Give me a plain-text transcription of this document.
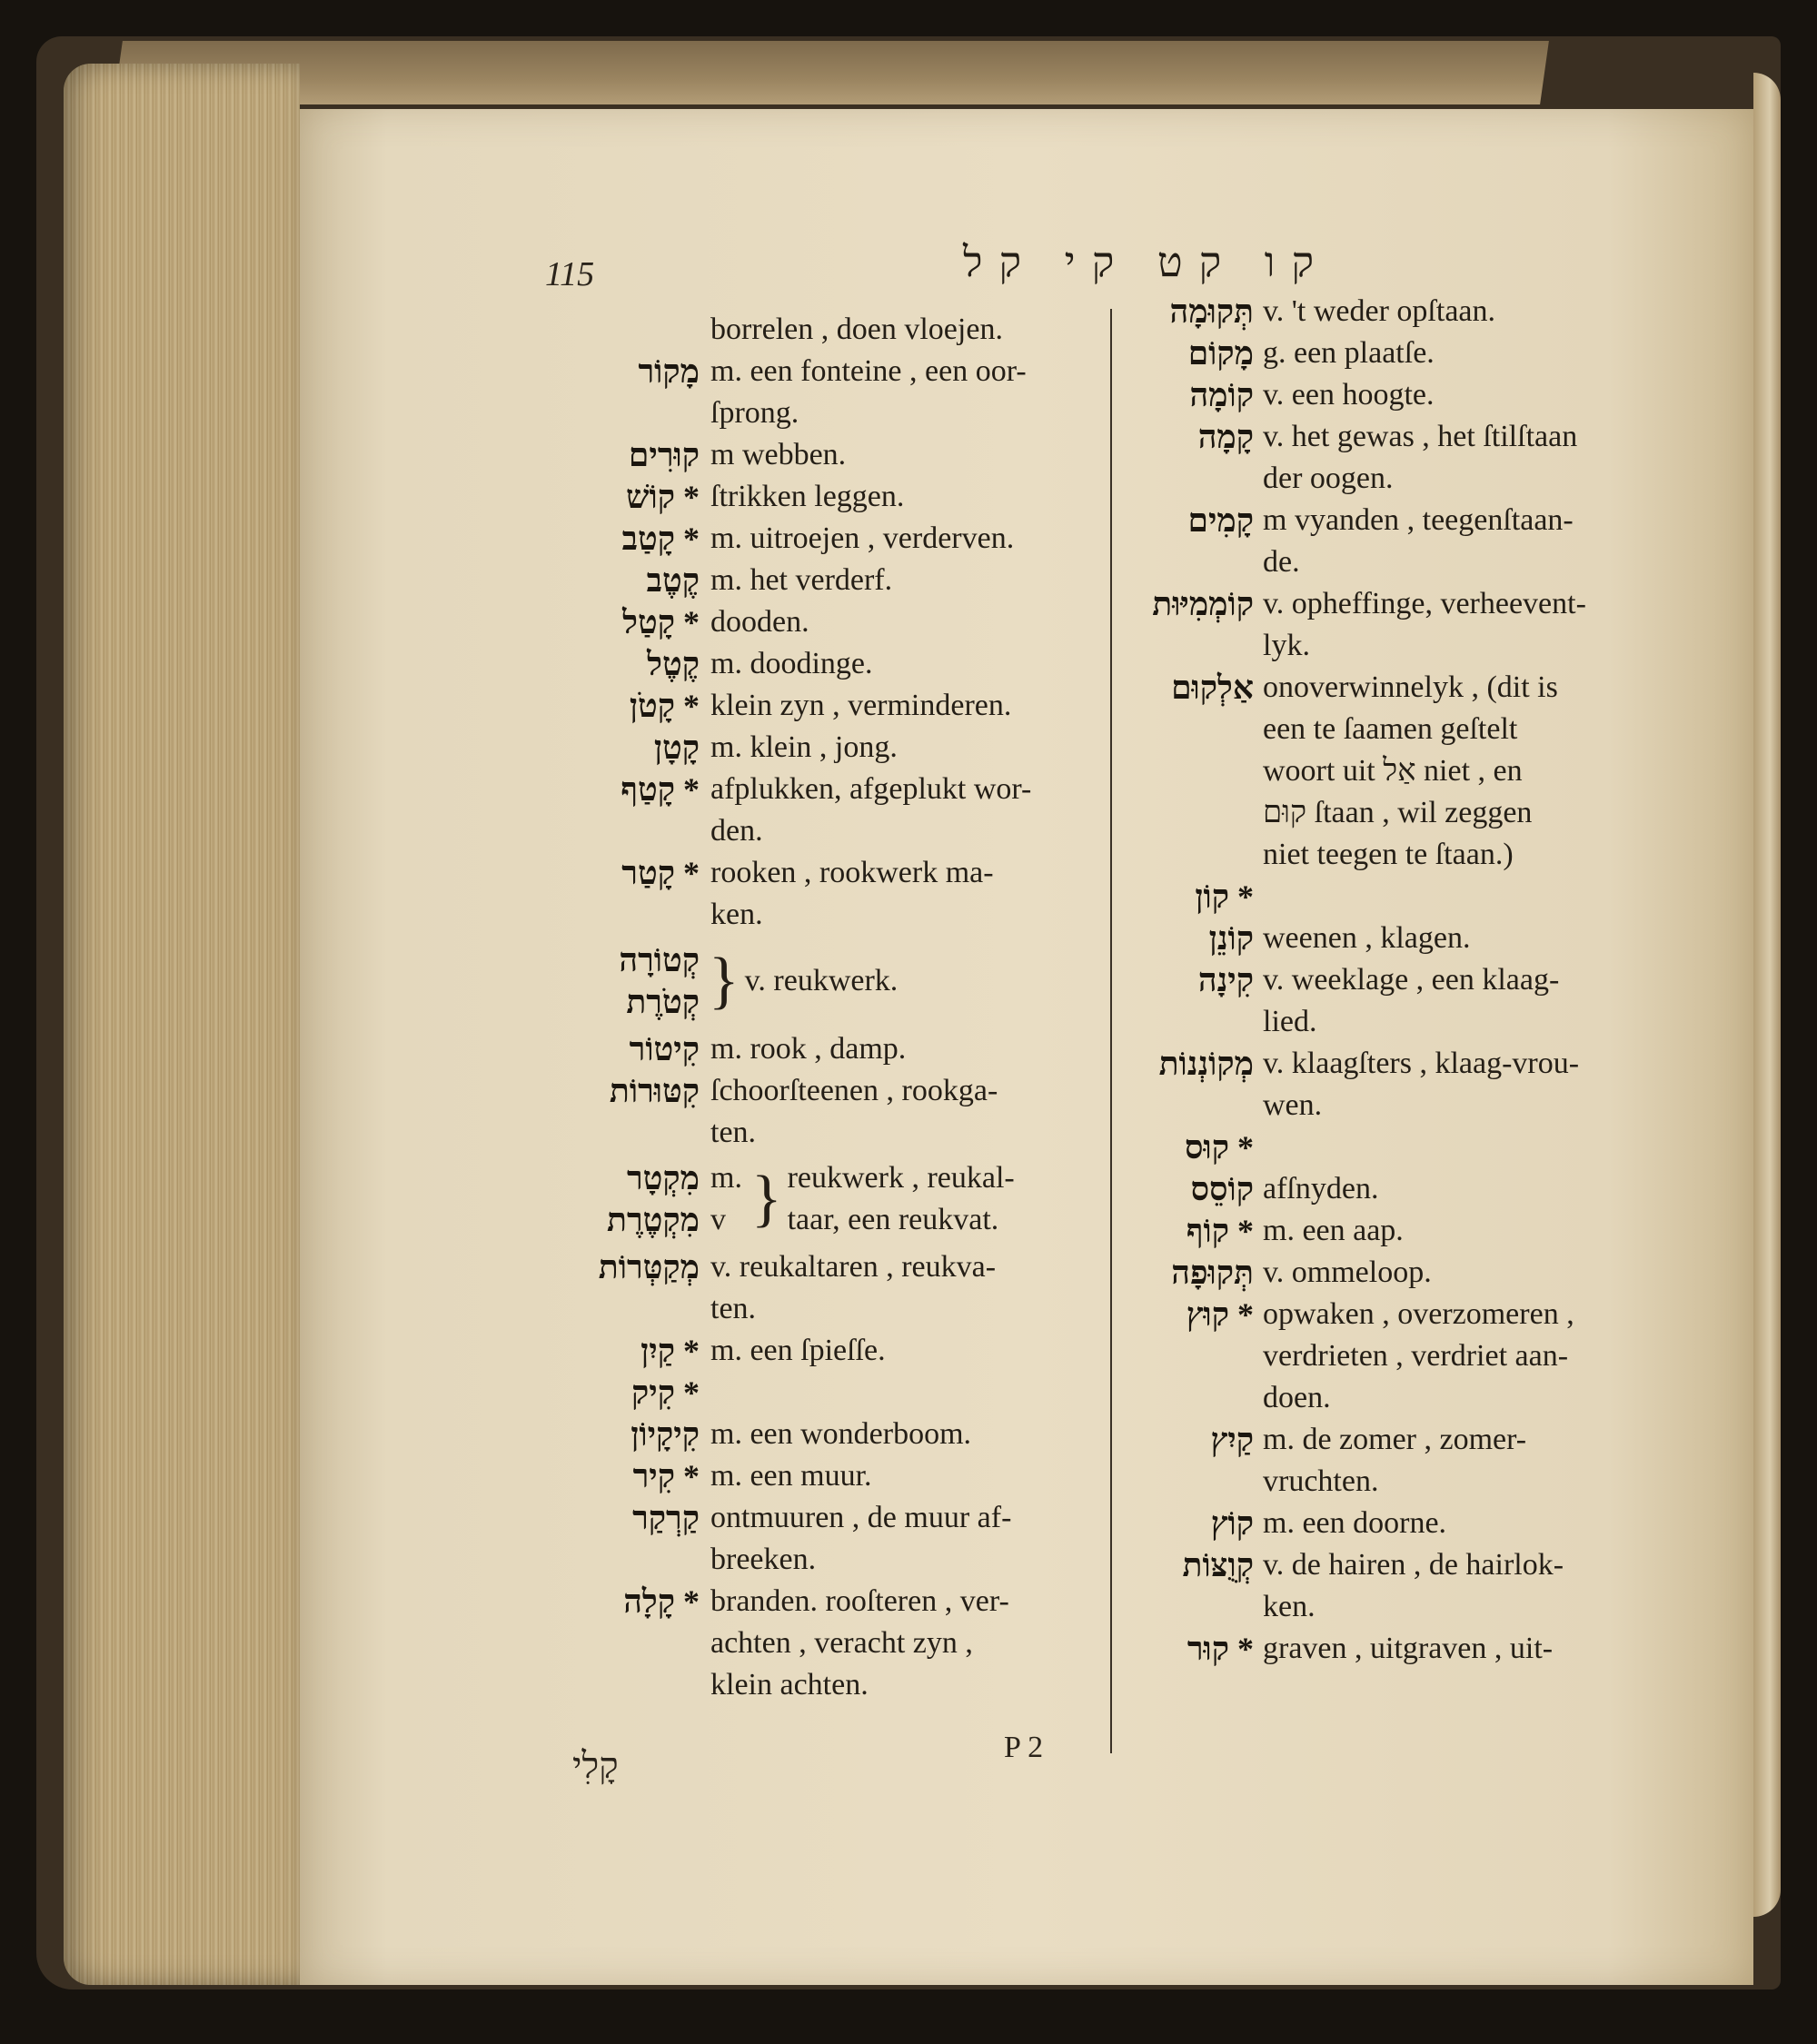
115	קו קט קי קל
borrelen , doen vloejen.
מָקוֹר m. een fonteine , een oor-
ſprong.
קוּרִים m webben.
* קוֹשׁ ſtrikken leggen.
* קָטַב m. uitroejen , verderven.
קֶטֶב m. het verderf.
* קָטַל dooden.
קֶטֶל m. doodinge.
* קָטֹן klein zyn , verminderen.
קָטָן m. klein , jong.
* קָטַף afplukken, afgeplukt wor-
den.
* קָטַר rooken , rookwerk ma-
ken.
קְטוֹרָה
קְטֹרֶת } v. reukwerk.
קִיטוֹר m. rook , damp.
קִטּוּרוֹת ſchoorſteenen , rookga-
ten.
מִקְטָר
מִקְטֶרֶת
m.
v } reukwerk , reukal-
taar, een reukvat.
מְקַטְּרוֹת v. reukaltaren , reukva-
ten.
* קַיִן m. een ſpieſſe.
* קִיק
קִיקָיוֹן m. een wonderboom.
* קִיר m. een muur.
קַרְקַר ontmuuren , de muur af-
breeken.
* קָלָה branden. rooſteren , ver-
achten , veracht zyn ,
klein achten.
תְּקוּמָה v. 't weder opſtaan.
מָקוֹם g. een plaatſe.
קוֹמָה v. een hoogte.
קָמָה v. het gewas , het ſtilſtaan
der oogen.
קָמִים m vyanden , teegenſtaan-
de.
קוֹמְמִיּוּת v. opheffinge, verheevent-
lyk.
אַלְקוּם onoverwinnelyk , (dit is
een te ſaamen geſtelt
woort uit אַל niet , en
קוּם ſtaan , wil zeggen
niet teegen te ſtaan.)
* קוֹן
קוֹנֵן weenen , klagen.
קִינָה v. weeklage , een klaag-
lied.
מְקוֹנְנוֹת v. klaagſters , klaag-vrou-
wen.
* קוּס
קוֹסֵס afſnyden.
* קוֹף m. een aap.
תְּקוּפָה v. ommeloop.
* קוּץ opwaken , overzomeren ,
verdrieten , verdriet aan-
doen.
קַיִץ m. de zomer , zomer-
vruchten.
קוֹץ m. een doorne.
קְוֻצּוֹת v. de hairen , de hairlok-
ken.
* קוּר graven , uitgraven , uit-
קָלִי	P 2
